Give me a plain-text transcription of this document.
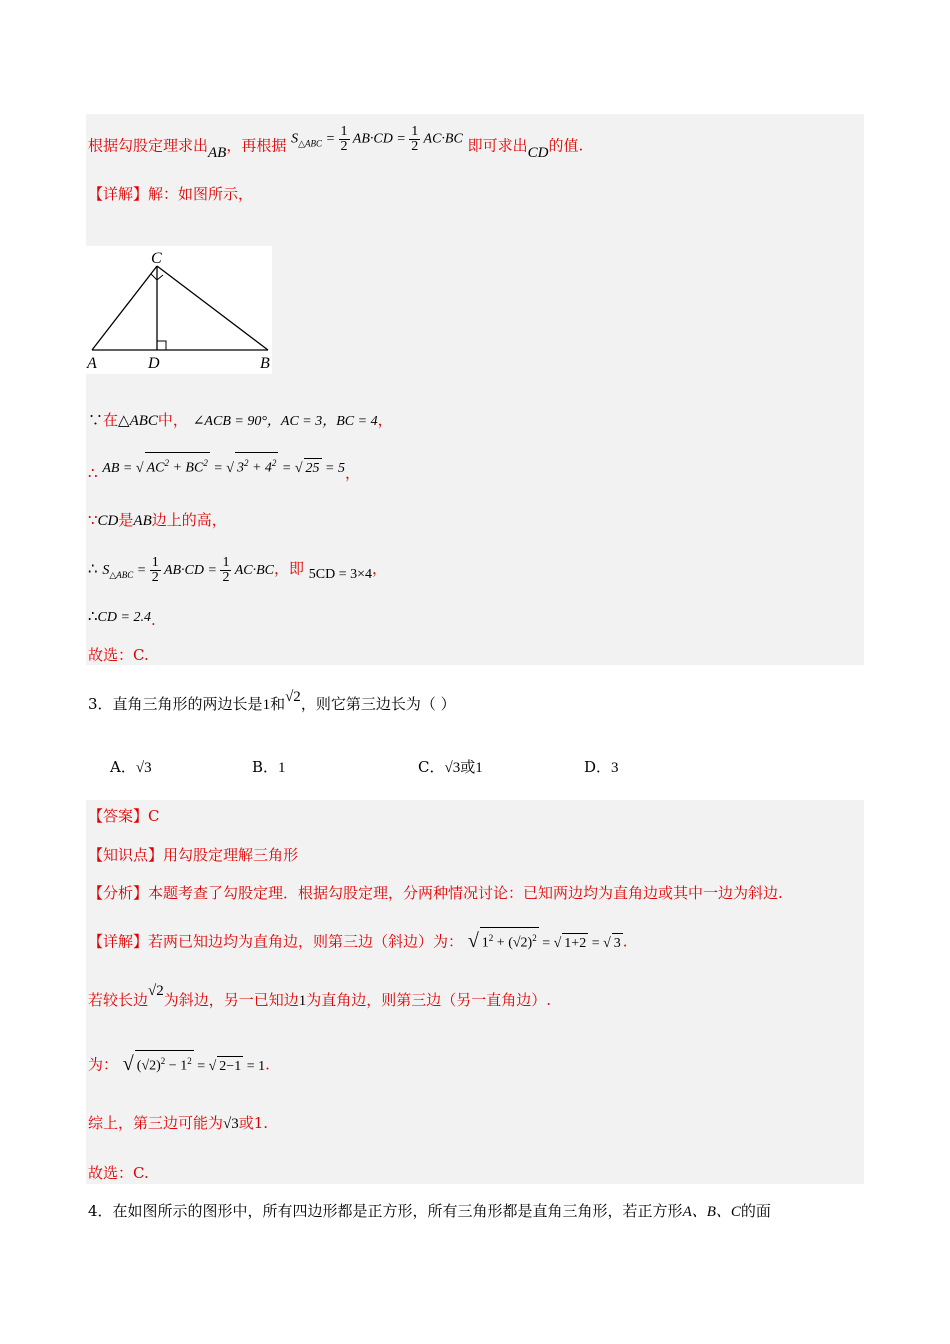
根据勾股定理求出AB，再根据 $S_{\triangle ABC} = \frac{1}{2} AB\cdot CD = \frac{1}{2} AC\cdot BC$ 即可求出CD的值.
【详解】解：如图所示，
C
A	D	B
∵在△ABC中， ∠ACB = 90°，AC = 3，BC = 4，
∴ AB = √ $AC^2 + BC^2$ = √ $3^2 + 4^2$ = √ 25 = 5，
∵CD是AB边上的高，
∴ $S_{\triangle ABC} = \frac{1}{2} AB\cdot CD = \frac{1}{2} AC\cdot BC$，即 5CD = 3×4，
∴CD = 2.4.
故选：C.
3．直角三角形的两边长是1和√2，则它第三边长为（ ）
A．√3	B．1	C．√3或1	D．3
【答案】C
【知识点】用勾股定理解三角形
【分析】本题考查了勾股定理．根据勾股定理，分两种情况讨论：已知两边均为直角边或其中一边为斜边.
【详解】若两已知边均为直角边，则第三边（斜边）为： √ $1^2 + (√2)^2$ = √ 1+2 = √ 3 .
若较长边√2为斜边，另一已知边1为直角边，则第三边（另一直角边）.
为： √ $(√2)^2 - 1^2$ = √ 2−1 = 1.
综上，第三边可能为√3或1.
故选：C.
4．在如图所示的图形中，所有四边形都是正方形，所有三角形都是直角三角形，若正方形A、B、C的面
